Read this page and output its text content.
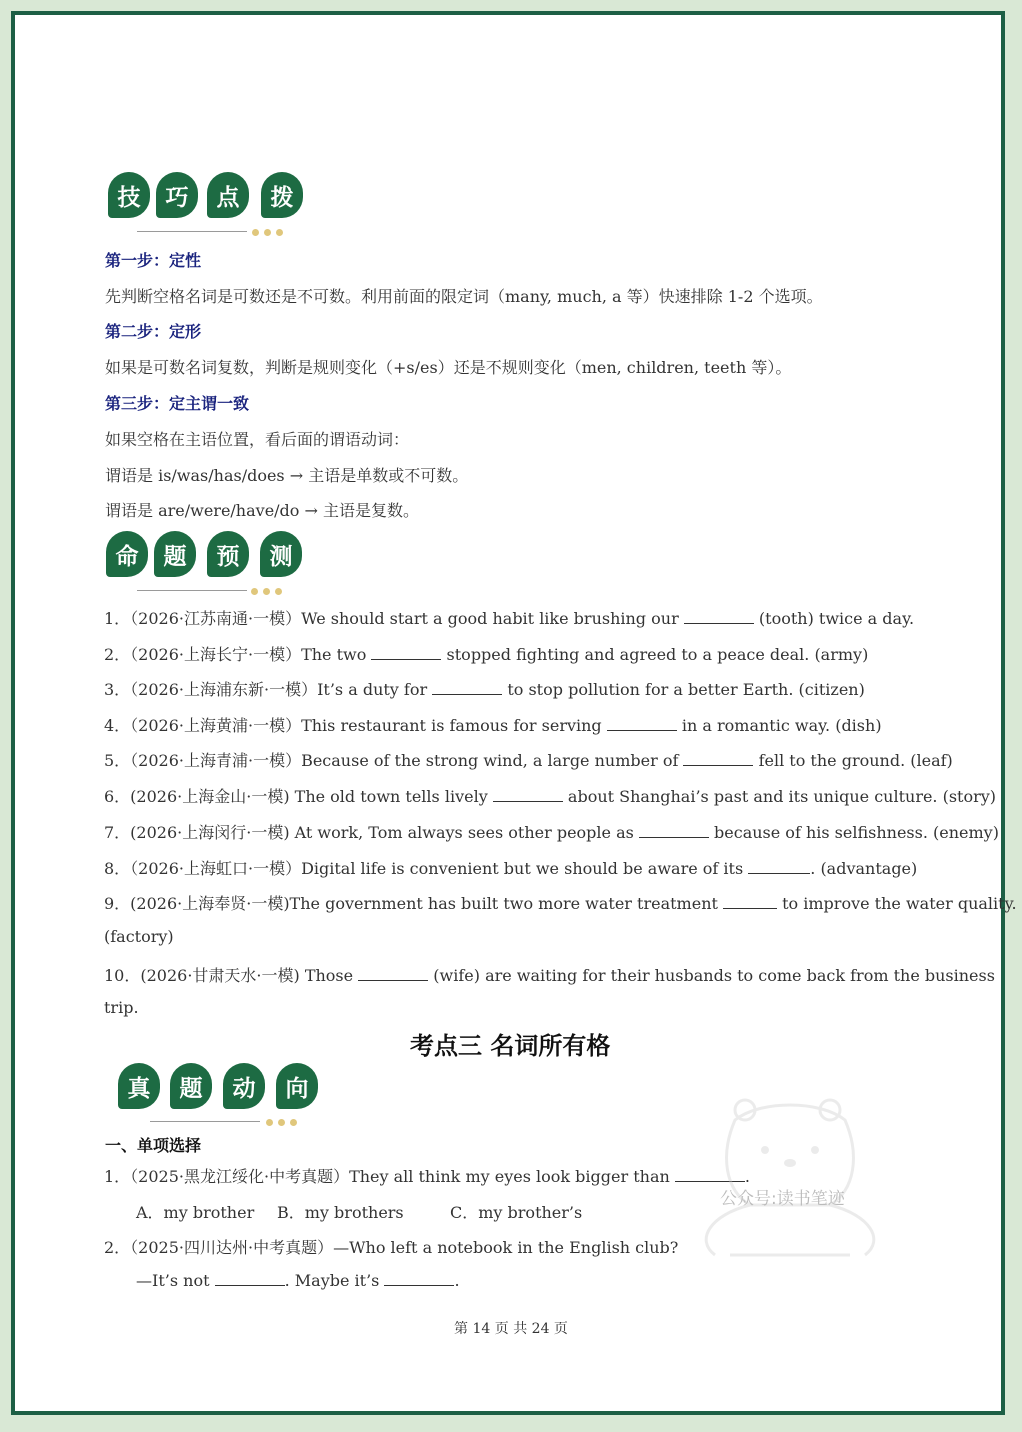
技	巧	点	拨
第一步：定性
先判断空格名词是可数还是不可数。利用前面的限定词（many, much, a 等）快速排除 1-2 个选项。
第二步：定形
如果是可数名词复数，判断是规则变化（+s/es）还是不规则变化（men, children, teeth 等）。
第三步：定主谓一致
如果空格在主语位置，看后面的谓语动词：
谓语是 is/was/has/does → 主语是单数或不可数。
谓语是 are/were/have/do → 主语是复数。
命	题	预	测
1．（2026·江苏南通·一模）We should start a good habit like brushing our	(tooth) twice a day.
2．（2026·上海长宁·一模）The two	stopped fighting and agreed to a peace deal. (army)
3．（2026·上海浦东新·一模）It’s a duty for	to stop pollution for a better Earth. (citizen)
4．（2026·上海黄浦·一模）This restaurant is famous for serving	in a romantic way. (dish)
5．（2026·上海青浦·一模）Because of the strong wind, a large number of	fell to the ground. (leaf)
6．(2026·上海金山·一模) The old town tells lively	about Shanghai’s past and its unique culture. (story)
7．(2026·上海闵行·一模) At work, Tom always sees other people as	because of his selfishness. (enemy)
8．（2026·上海虹口·一模）Digital life is convenient but we should be aware of its	. (advantage)
9．(2026·上海奉贤·一模)The government has built two more water treatment	to improve the water quality.
(factory)
10．(2026·甘肃天水·一模) Those	(wife) are waiting for their husbands to come back from the business
trip.
考点三 名词所有格
真	题	动	向
一、单项选择
1．（2025·黑龙江绥化·中考真题）They all think my eyes look bigger than	.
A．my brother B．my brothers	C．my brother’s
2．（2025·四川达州·中考真题）—Who left a notebook in the English club?
—It’s not	. Maybe it’s	.
公众号:读书笔迹
第 14 页 共 24 页
